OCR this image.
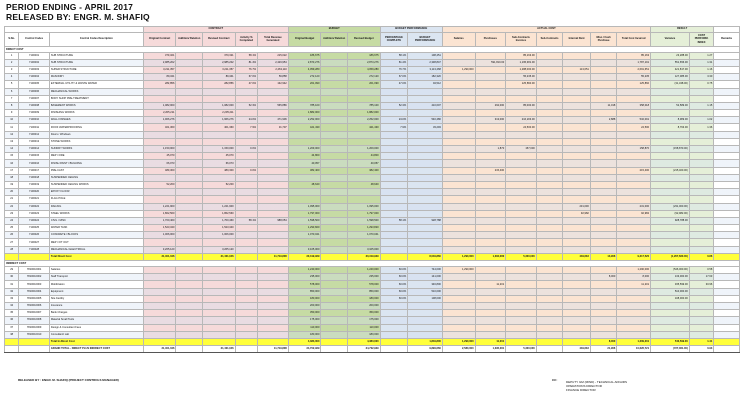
PERIOD ENDING - APRIL 2017
RELEASED BY: ENGR. M. SHAFIQ
			CONTRACT					BUDGET			BUDGET PERFORMANCE		ACTUAL COST							RESULT		
S.No.	Control Codes	Control Codes Description	Original Contract	Addition/ Deletion	Revised Contract	Activity % Completed	Total Revenue Generated	Original Budget	Addition/ Deletion	Revised Budget	PERCENTAGE COMPLETE	BUDGET PERFORMANCE	Salaries	Purchases	Sub-Contracts Invoices	Sub-Contracts	Internal Rent	Misc./ Cash Purchase	Total Cost Incurred	Variance	COST PERFORM. INDEX	Remarks
DIRECT COST																						
1	7100001	SUB STRUCTURE	370,321		370,321	58.1%	215,022	186,675		186,675	58.1%	108,451			85,163.00				85,163	23,288.00	1.27	
2	7100002	SUB STRUCTURE	2,985,202		2,985,202	81.4%	2,429,954	2,873,276		2,873,276	81.4%	2,338,847		591,810.00	1,195,381.00				1,787,191	551,656.00	1.31	
3	7100003	SUPER STRUCTURE	3,211,357		3,211,357	76.7%	2,463,110	4,059,280		4,059,280	76.7%	3,113,468	1,290,000		1,288,000.00		113,651		2,691,651	421,817.00	1.16	
4	7100004	MASONRY	89,341		89,341	67.0%	59,858	272,120		272,120	67.0%	182,320			55,235.00				55,235	127,085.00	3.30	
5	7100005	EXTERNAL UTILITY & WASTE WATER	282,856		282,856	47.0%	132,942	201,090		201,090	47.0%	94,512			125,860.00				125,860	(31,348.00)	0.75	
6	7100006	MECHANICAL WORKS																				
7	7100007	BODY SHOP PRE-TREATMENT																				
8	7100008	BASEMENT WORKS	1,082,000		1,082,000	52.3%	565,886	785,100		785,100	52.3%	410,607		262,000	85,000.00			11,018	358,018	52,589.00	1.15	
9	7100009	FINISHING WORKS	2,205,211		2,205,211			1,882,000		1,882,000												
10	7100010	WALL FINISHES	1,966,276		1,966,276	24.0%	471,906	2,252,000		2,252,000	24.0%	540,480		313,000	216,203.00			2,888	532,091	8,389.00	1.02	
11	7100011	ROOF WATERPROOFING	401,360		401,360	7.9%	31,707	421,430		421,430	7.9%	33,293			24,500.00				24,500	8,793.00	1.36	
12	7100012	Doors / Windows																				
13	7100013	STONE WORKS																				
14	7100014	SUNDRY WORKS	1,150,000		1,150,000	0.0%		1,209,000		1,209,000				1,870	157,000				158,870	(158,870.00)		
15	7100015	MEP / FIRE	45,070		45,070			44,800		44,800												
16	7100016	FINISH PAINT / BUILDING	66,073		66,073			40,057		40,057												
17	7100017	PRE-CAST	480,300		480,300	0.0%		382,400		382,400				215,400					215,400	(215,400.00)		
18	7100018	SUSPENDED CEILING																				
19	7100019	SUSPENDED CEILING WORKS	52,200		52,200			48,640		48,640												
20	7100020	EPOXY FLOOR																				
21	7100021	FLAG POLE																				
22	7100022	RAILING	1,221,900		1,221,900			1,095,000		1,095,000							231,000		231,000	(231,000.00)		
23	7100023	STEEL WORKS	1,862,560		1,862,560			1,797,000		1,797,000							92,982		92,982	(92,982.00)		
24	7100024	CIVIL / MISC	1,700,460		1,700,460	58.1%	988,054	1,598,500		1,598,500	58.1%	928,788								928,788.00		
25	7100025	WATER TANK	1,523,340		1,523,340			1,293,820		1,293,820												
26	7100026	CONCRETE / BLOCKS	1,006,000		1,006,000			1,070,041		1,070,041												
27	7100027	MEP / FIT OUT																				
28	7100028	MECHANICAL/ ELECTRICAL	3,265,120		3,265,120			3,105,000		3,105,000												
		Total Direct Cost	31,401,046		31,401,046		11,719,808	30,319,929		30,319,929		8,049,860	1,290,000	1,384,080	5,330,000		449,633	13,906	9,317,520	(1,267,660.00)	0.86	
INDIRECT COST																						
29	7810010001	Salaries						1,240,000		1,240,000	60.0%	744,000	1,290,000						1,290,000	(546,000.00)	0.58	
30	7810010002	Staff Transport						235,000		235,000	60.0%	141,000						8,000	8,000	133,000.00	17.63	
31	7810010003	Mobilization						578,000		578,000	60.0%	346,800		11,201					11,201	335,599.00	30.96	
32	7810010004	Equipment						850,000		850,000	60.0%	510,000								510,000.00		
33	7810010005	Site Facility						180,000		180,000	60.0%	108,000								108,000.00		
34	7810010006	Insurance						200,000		200,000												
35	7810010007	Bank Charges						350,000		350,000												
36	7810010008	Material Small Tools						175,000		175,000												
37	7810010009	Design & Consultant Fees						110,000		110,000												
38	7810010010	Consultant/ Lab						180,000		180,000												
		Total In-Direct Cost						4,383,000		4,383,000		1,849,800	1,290,000	11,201				8,000	1,309,201	540,599.00	1.41	
		GRAND TOTAL - DIRECT PLUS INDIRECT COST	31,401,046		31,401,046		11,719,808	34,702,929		34,702,929		9,899,660	2,580,000	1,395,281	5,330,000		449,633	21,906	10,626,721	(727,061.00)	0.93	
RELEASED BY : ENGR. M. SHAFIQ (PROJECT CONTROLS MANAGER)	CC:	DEPUTY GM (MIND) - TECHNICAL AFFAIRS
OPERATIONS DIRECTOR
FINANCE DIRECTOR
